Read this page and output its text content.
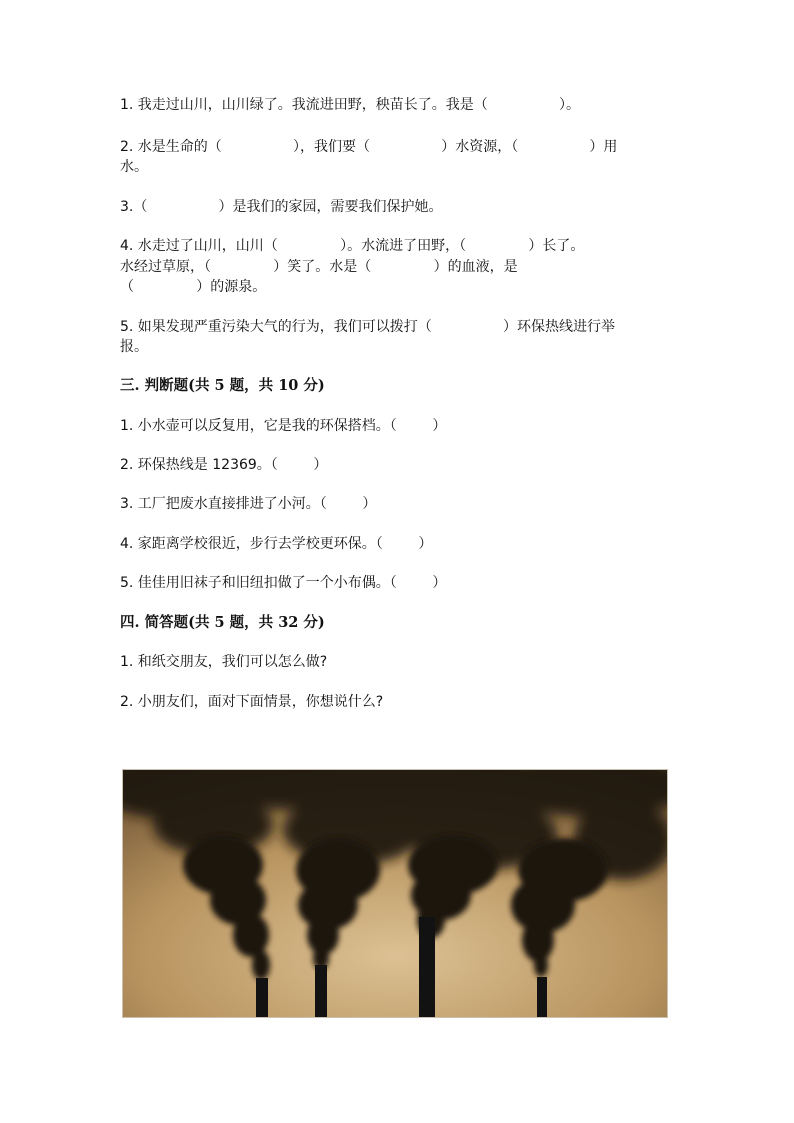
1. 我走过山川，山川绿了。我流进田野，秧苗长了。我是（                ）。
2. 水是生命的（                ），我们要（                ）水资源，（                ）用
水。
3.（                ）是我们的家园，需要我们保护她。
4. 水走过了山川，山川（              ）。水流进了田野，（              ）长了。
水经过草原，（              ）笑了。水是（              ）的血液，是
（              ）的源泉。
5. 如果发现严重污染大气的行为，我们可以拨打（                ）环保热线进行举
报。
三. 判断题(共 5 题，共 10 分)
1. 小水壶可以反复用，它是我的环保搭档。（        ）
2. 环保热线是 12369。（        ）
3. 工厂把废水直接排进了小河。（        ）
4. 家距离学校很近，步行去学校更环保。（        ）
5. 佳佳用旧袜子和旧纽扣做了一个小布偶。（        ）
四. 简答题(共 5 题，共 32 分)
1. 和纸交朋友，我们可以怎么做?
2. 小朋友们，面对下面情景，你想说什么?
